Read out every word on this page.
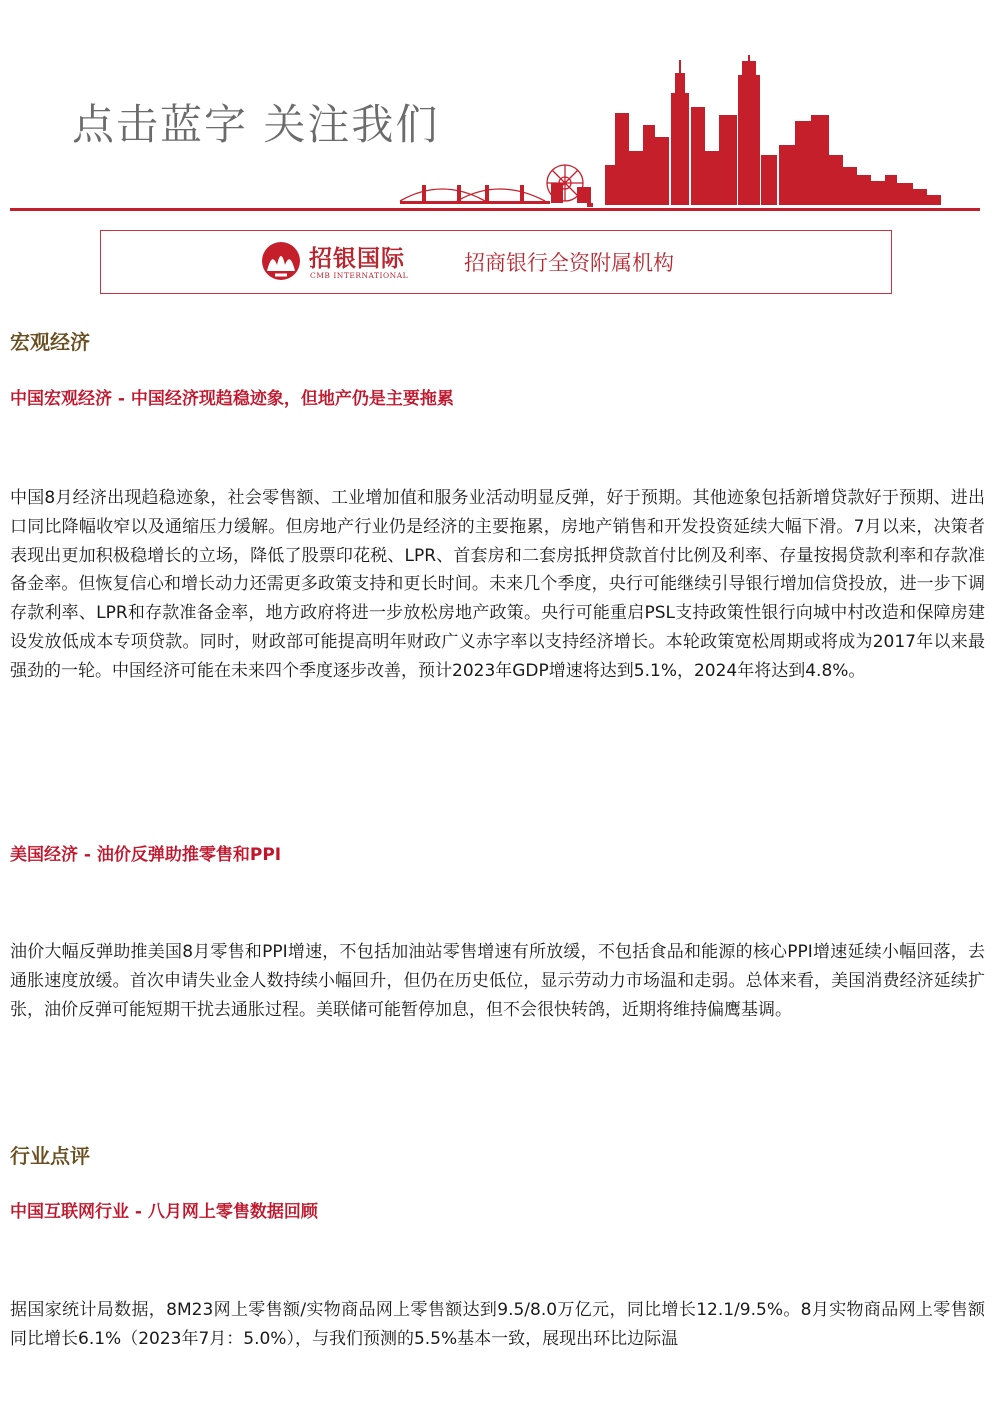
点击蓝字 关注我们
招银国际
CMB INTERNATIONAL
招商银行全资附属机构
宏观经济
中国宏观经济 - 中国经济现趋稳迹象，但地产仍是主要拖累

中国8月经济出现趋稳迹象，社会零售额、工业增加值和服务业活动明显反弹，好于预期。其他迹象包括新增贷款好于预期、进出口同比降幅收窄以及通缩压力缓解。但房地产行业仍是经济的主要拖累，房地产销售和开发投资延续大幅下滑。7月以来，决策者表现出更加积极稳增长的立场，降低了股票印花税、LPR、首套房和二套房抵押贷款首付比例及利率、存量按揭贷款利率和存款准备金率。但恢复信心和增长动力还需更多政策支持和更长时间。未来几个季度，央行可能继续引导银行增加信贷投放，进一步下调存款利率、LPR和存款准备金率，地方政府将进一步放松房地产政策。央行可能重启PSL支持政策性银行向城中村改造和保障房建设发放低成本专项贷款。同时，财政部可能提高明年财政广义赤字率以支持经济增长。本轮政策宽松周期或将成为2017年以来最强劲的一轮。中国经济可能在未来四个季度逐步改善，预计2023年GDP增速将达到5.1%，2024年将达到4.8%。

美国经济 - 油价反弹助推零售和PPI

油价大幅反弹助推美国8月零售和PPI增速，不包括加油站零售增速有所放缓，不包括食品和能源的核心PPI增速延续小幅回落，去通胀速度放缓。首次申请失业金人数持续小幅回升，但仍在历史低位，显示劳动力市场温和走弱。总体来看，美国消费经济延续扩张，油价反弹可能短期干扰去通胀过程。美联储可能暂停加息，但不会很快转鸽，近期将维持偏鹰基调。

行业点评
中国互联网行业 - 八月网上零售数据回顾

据国家统计局数据，8M23网上零售额/实物商品网上零售额达到9.5/8.0万亿元，同比增长12.1/9.5%。8月实物商品网上零售额同比增长6.1%（2023年7月：5.0%），与我们预测的5.5%基本一致，展现出环比边际温
